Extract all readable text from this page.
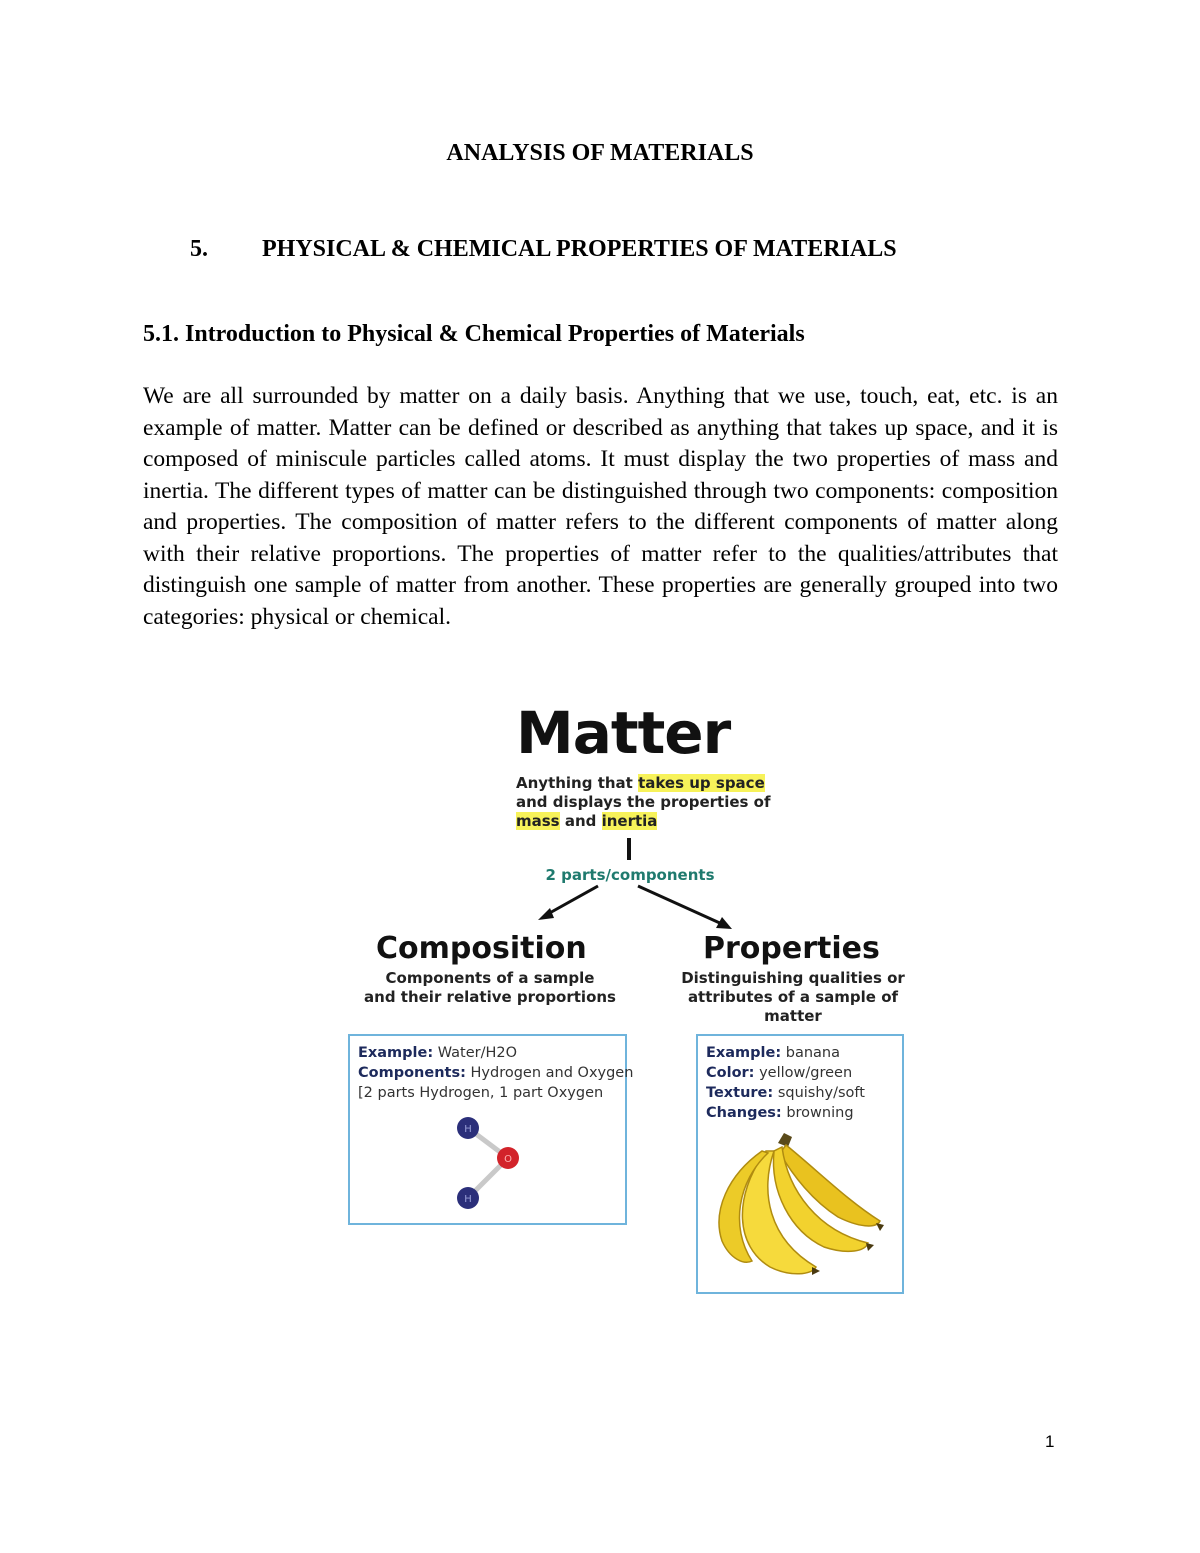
ANALYSIS OF MATERIALS
5. PHYSICAL & CHEMICAL PROPERTIES OF MATERIALS
5.1. Introduction to Physical & Chemical Properties of Materials

We are all surrounded by matter on a daily basis. Anything that we use, touch, eat, etc. is an example of matter. Matter can be defined or described as anything that takes up space, and it is composed of miniscule particles called atoms. It must display the two properties of mass and inertia. The different types of matter can be distinguished through two components: composition and properties. The composition of matter refers to the different components of matter along with their relative proportions. The properties of matter refer to the qualities/attributes that distinguish one sample of matter from another. These properties are generally grouped into two categories: physical or chemical.

Matter
Anything that takes up space
and displays the properties of
mass and inertia
2 parts/components
Composition
Components of a sample
and their relative proportions
Properties
Distinguishing qualities or
attributes of a sample of
matter
Example: Water/H2O
Components: Hydrogen and Oxygen
[2 parts Hydrogen, 1 part Oxygen
H
O
H
Example: banana
Color: yellow/green
Texture: squishy/soft
Changes: browning
1
